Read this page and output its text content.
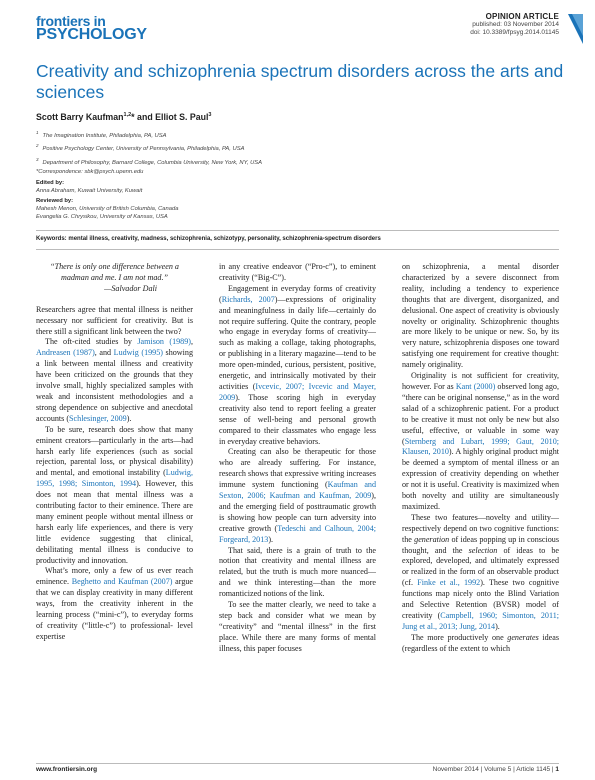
frontiers in
PSYCHOLOGY
OPINION ARTICLE
published: 03 November 2014
doi: 10.3389/fpsyg.2014.01145
Creativity and schizophrenia spectrum disorders across the arts and sciences
Scott Barry Kaufman$^{1,2}$* and Elliot S. Paul$^3$
$^1$The Imagination Institute, Philadelphia, PA, USA
$^2$Positive Psychology Center, University of Pennsylvania, Philadelphia, PA, USA
$^3$Department of Philosophy, Barnard College, Columbia University, New York, NY, USA
*Correspondence: sbk@psych.upenn.edu
Edited by:
Anna Abraham, Kuwait University, Kuwait
Reviewed by:
Mahesh Menon, University of British Columbia, Canada
Evangelia G. Chrysikou, University of Kansas, USA
Keywords: mental illness, creativity, madness, schizophrenia, schizotypy, personality, schizophrenia-spectrum disorders

“There is only one difference between a madman and me. I am not mad.”
—Salvador Dali

Researchers agree that mental illness is neither necessary nor sufficient for creativity. But is there still a significant link between the two?

The oft-cited studies by Jamison (1989), Andreasen (1987), and Ludwig (1995) showing a link between mental illness and creativity have been criticized on the grounds that they involve small, highly specialized samples with weak and inconsistent methodologies and a strong dependence on subjective and anecdotal accounts (Schlesinger, 2009).

To be sure, research does show that many eminent creators—particularly in the arts—had harsh early life experiences (such as social rejection, parental loss, or physical disability) and mental, and emotional instability (Ludwig, 1995, 1998; Simonton, 1994). However, this does not mean that mental illness was a contributing factor to their eminence. There are many eminent people without mental illness or harsh early life experiences, and there is very little evidence suggesting that clinical, debilitating mental illness is conducive to productivity and innovation.

What’s more, only a few of us ever reach eminence. Beghetto and Kaufman (2007) argue that we can display creativity in many different ways, from the creativity inherent in the learning process (“mini-c”), to everyday forms of creativity (“little-c”) to professional- level expertise

in any creative endeavor (“Pro-c”), to eminent creativity (“Big-C”).

Engagement in everyday forms of creativity (Richards, 2007)—expressions of originality and meaningfulness in daily life—certainly do not require suffering. Quite the contrary, people who engage in everyday forms of creativity—such as making a collage, taking photographs, or publishing in a literary magazine—tend to be more open-minded, curious, persistent, positive, energetic, and intrinsically motivated by their activities (Ivcevic, 2007; Ivcevic and Mayer, 2009). Those scoring high in everyday creativity also tend to report feeling a greater sense of well-being and personal growth compared to their classmates who engage less in everyday creative behaviors.

Creating can also be therapeutic for those who are already suffering. For instance, research shows that expressive writing increases immune system functioning (Kaufman and Sexton, 2006; Kaufman and Kaufman, 2009), and the emerging field of posttraumatic growth is showing how people can turn adversity into creative growth (Tedeschi and Calhoun, 2004; Forgeard, 2013).

That said, there is a grain of truth to the notion that creativity and mental illness are related, but the truth is much more nuanced—and we think interesting—than the more romanticized notions of the link.

To see the matter clearly, we need to take a step back and consider what we mean by “creativity” and “mental illness” in the first place. While there are many forms of mental illness, this paper focuses

on schizophrenia, a mental disorder characterized by a severe disconnect from reality, including a tendency to experience thoughts that are divergent, disorganized, and delusional. One aspect of creativity is obviously novelty or originality. Schizophrenic thoughts are more likely to be unique or new. So, by its very nature, schizophrenia disposes one toward satisfying one requirement for creative thought: namely originality.

Originality is not sufficient for creativity, however. For as Kant (2000) observed long ago, “there can be original nonsense,” as in the word salad of a schizophrenic patient. For a product to be creative it must not only be new but also useful, effective, or valuable in some way (Sternberg and Lubart, 1999; Gaut, 2010; Klausen, 2010). A highly original product might be deemed a symptom of mental illness or an expression of creativity depending on whether or not it is useful. Creativity is maximized when both novelty and utility are simultaneously maximized.

These two features—novelty and utility—respectively depend on two cognitive functions: the generation of ideas popping up in conscious thought, and the selection of ideas to be explored, developed, and ultimately expressed or realized in the form of an observable product (cf. Finke et al., 1992). These two cognitive functions map nicely onto the Blind Variation and Selective Retention (BVSR) model of creativity (Campbell, 1960; Simonton, 2011; Jung et al., 2013; Jung, 2014).

The more productively one generates ideas (regardless of the extent to which

www.frontiersin.org	November 2014 | Volume 5 | Article 1145 | 1
